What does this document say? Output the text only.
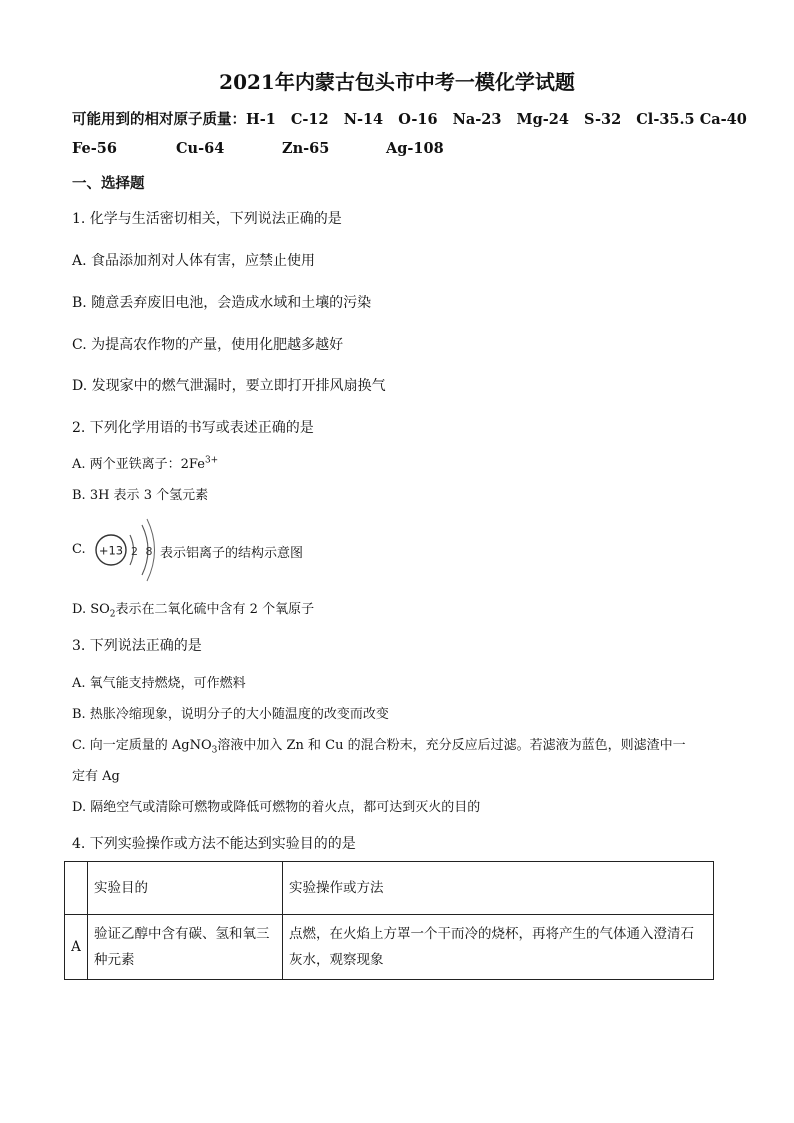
2021年内蒙古包头市中考一模化学试题
可能用到的相对原子质量：H-1 C-12 N-14 O-16 Na-23 Mg-24 S-32 Cl-35.5 Ca-40
Fe-56	Cu-64	Zn-65	Ag-108
一、选择题
1. 化学与生活密切相关，下列说法正确的是
A. 食品添加剂对人体有害，应禁止使用
B. 随意丢弃废旧电池，会造成水域和土壤的污染
C. 为提高农作物的产量，使用化肥越多越好
D. 发现家中的燃气泄漏时，要立即打开排风扇换气
2. 下列化学用语的书写或表述正确的是
A. 两个亚铁离子：$2Fe^{3+}$
B. 3H 表示 3 个氢元素
C. +13 2 8 表示铝离子的结构示意图
D. $SO_2$表示在二氧化硫中含有 2 个氧原子
3. 下列说法正确的是
A. 氧气能支持燃烧，可作燃料
B. 热胀冷缩现象，说明分子的大小随温度的改变而改变
C. 向一定质量的 AgNO$_3$溶液中加入 Zn 和 Cu 的混合粉末，充分反应后过滤。若滤液为蓝色，则滤渣中一
定有 Ag
D. 隔绝空气或清除可燃物或降低可燃物的着火点，都可达到灭火的目的
4. 下列实验操作或方法不能达到实验目的的是
	实验目的	实验操作或方法
A	验证乙醇中含有碳、氢和氧三种元素	点燃，在火焰上方罩一个干而冷的烧杯，再将产生的气体通入澄清石灰水，观察现象
